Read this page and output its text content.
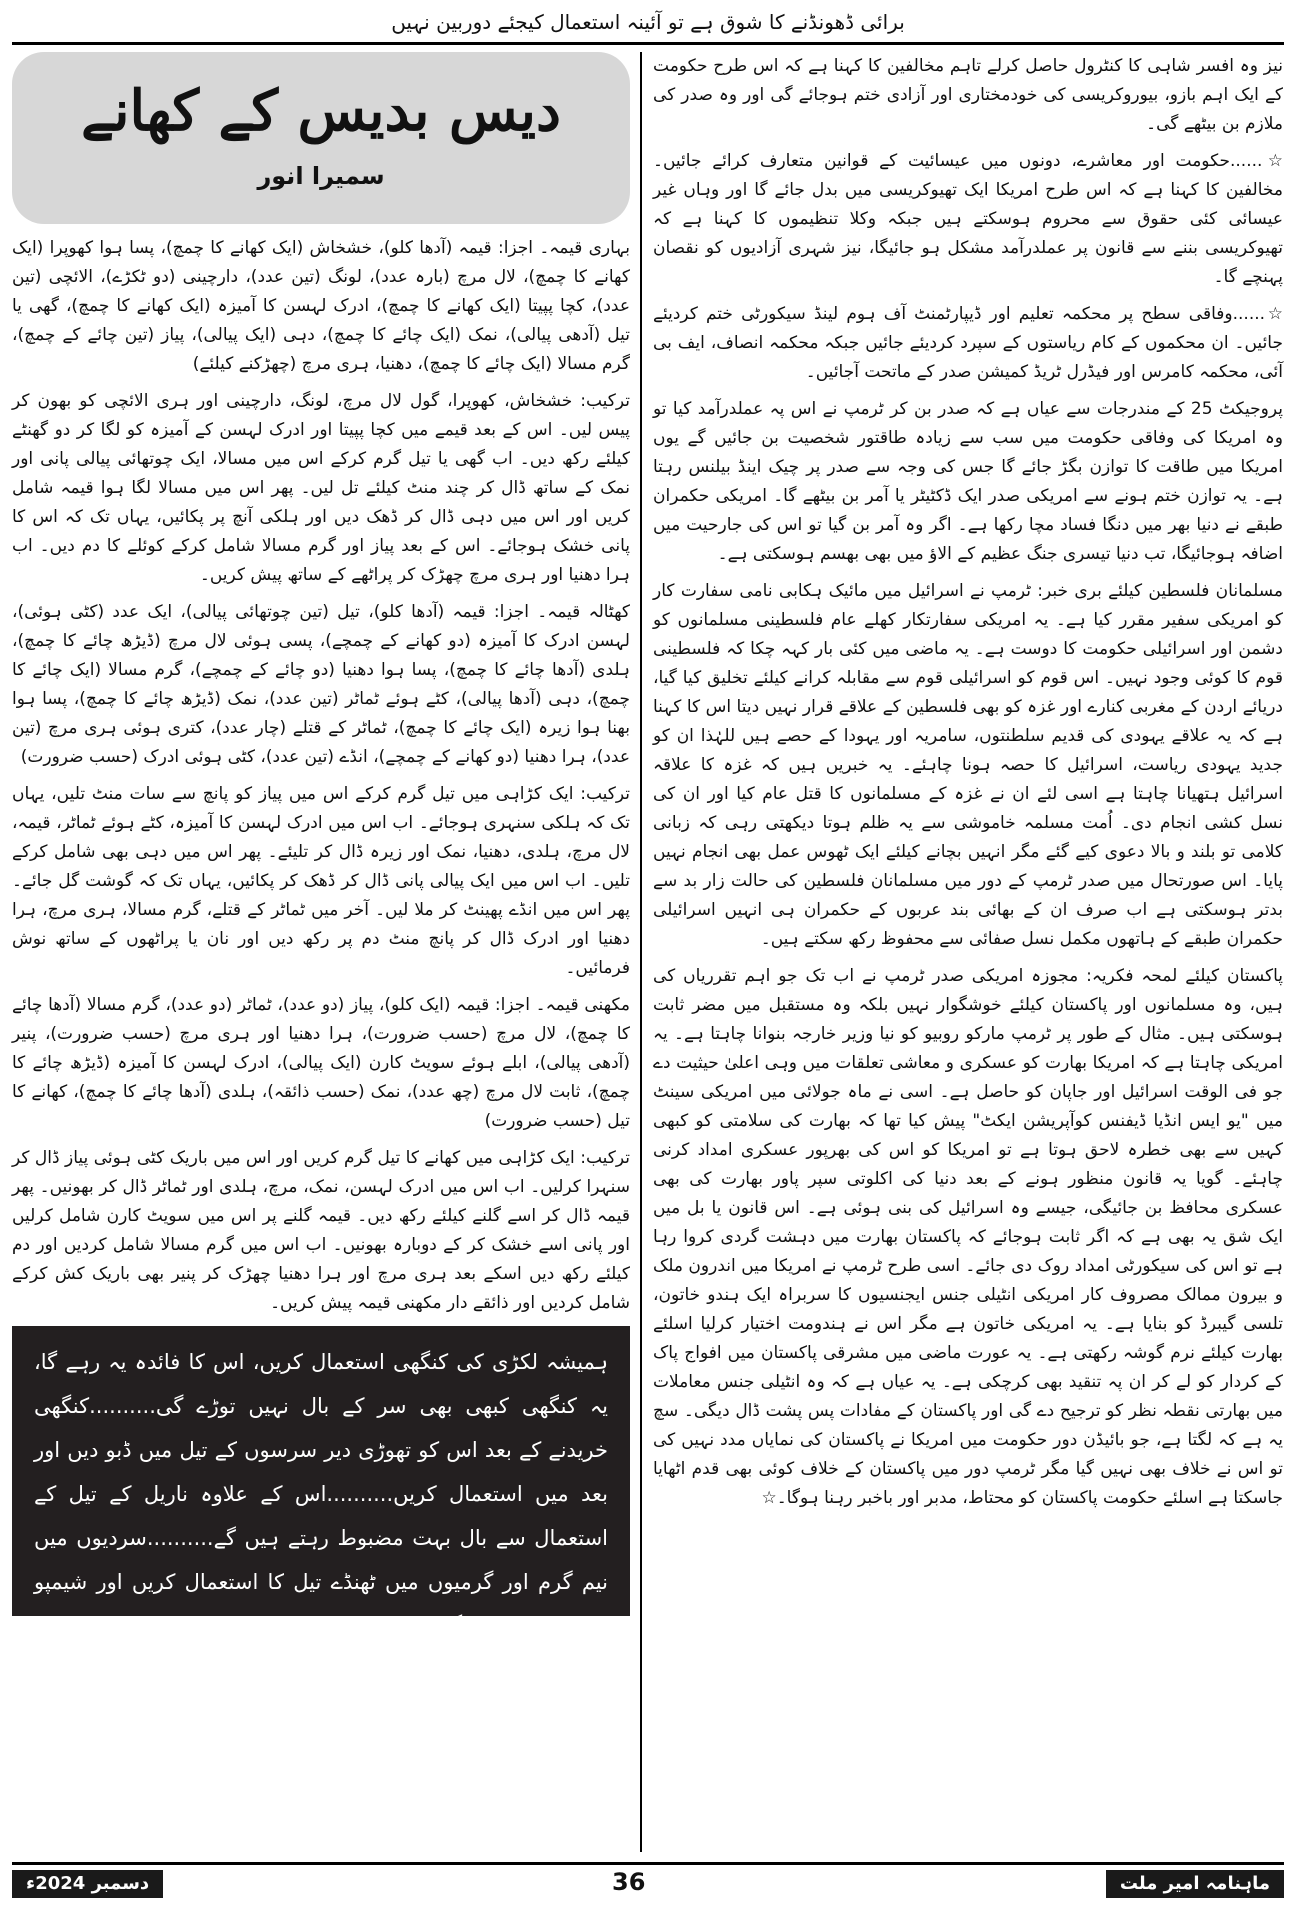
برائی ڈھونڈنے کا شوق ہے تو آئینہ استعمال کیجئے دوربین نہیں

نیز وہ افسر شاہی کا کنٹرول حاصل کرلے تاہم مخالفین کا کہنا ہے کہ اس طرح حکومت کے ایک اہم بازو، بیوروکریسی کی خودمختاری اور آزادی ختم ہوجائے گی اور وہ صدر کی ملازم بن بیٹھے گی۔

☆......حکومت اور معاشرے، دونوں میں عیسائیت کے قوانین متعارف کرائے جائیں۔ مخالفین کا کہنا ہے کہ اس طرح امریکا ایک تھیوکریسی میں بدل جائے گا اور وہاں غیر عیسائی کئی حقوق سے محروم ہوسکتے ہیں جبکہ وکلا تنظیموں کا کہنا ہے کہ تھیوکریسی بننے سے قانون پر عملدرآمد مشکل ہو جائیگا، نیز شہری آزادیوں کو نقصان پہنچے گا۔

☆......وفاقی سطح پر محکمہ تعلیم اور ڈیپارٹمنٹ آف ہوم لینڈ سیکورٹی ختم کردیئے جائیں۔ ان محکموں کے کام ریاستوں کے سپرد کردیئے جائیں جبکہ محکمہ انصاف، ایف بی آئی، محکمہ کامرس اور فیڈرل ٹریڈ کمیشن صدر کے ماتحت آجائیں۔

پروجیکٹ 25 کے مندرجات سے عیاں ہے کہ صدر بن کر ٹرمپ نے اس پہ عملدرآمد کیا تو وہ امریکا کی وفاقی حکومت میں سب سے زیادہ طاقتور شخصیت بن جائیں گے یوں امریکا میں طاقت کا توازن بگڑ جائے گا جس کی وجہ سے صدر پر چیک اینڈ بیلنس رہتا ہے۔ یہ توازن ختم ہونے سے امریکی صدر ایک ڈکٹیٹر یا آمر بن بیٹھے گا۔ امریکی حکمران طبقے نے دنیا بھر میں دنگا فساد مچا رکھا ہے۔ اگر وہ آمر بن گیا تو اس کی جارحیت میں اضافہ ہوجائیگا، تب دنیا تیسری جنگ عظیم کے الاؤ میں بھی بھسم ہوسکتی ہے۔

مسلمانان فلسطین کیلئے بری خبر: ٹرمپ نے اسرائیل میں مائیک ہکابی نامی سفارت کار کو امریکی سفیر مقرر کیا ہے۔ یہ امریکی سفارتکار کھلے عام فلسطینی مسلمانوں کو دشمن اور اسرائیلی حکومت کا دوست ہے۔ یہ ماضی میں کئی بار کہہ چکا کہ فلسطینی قوم کا کوئی وجود نہیں۔ اس قوم کو اسرائیلی قوم سے مقابلہ کرانے کیلئے تخلیق کیا گیا، دریائے اردن کے مغربی کنارے اور غزہ کو بھی فلسطین کے علاقے قرار نہیں دیتا اس کا کہنا ہے کہ یہ علاقے یہودی کی قدیم سلطنتوں، سامریہ اور یہودا کے حصے ہیں للہٰذا ان کو جدید یہودی ریاست، اسرائیل کا حصہ ہونا چاہئے۔ یہ خبریں ہیں کہ غزہ کا علاقہ اسرائیل ہتھیانا چاہتا ہے اسی لئے ان نے غزہ کے مسلمانوں کا قتل عام کیا اور ان کی نسل کشی انجام دی۔ اُمت مسلمہ خاموشی سے یہ ظلم ہوتا دیکھتی رہی کہ زبانی کلامی تو بلند و بالا دعوی کیے گئے مگر انہیں بچانے کیلئے ایک ٹھوس عمل بھی انجام نہیں پایا۔ اس صورتحال میں صدر ٹرمپ کے دور میں مسلمانان فلسطین کی حالت زار بد سے بدتر ہوسکتی ہے اب صرف ان کے بھائی بند عربوں کے حکمران ہی انہیں اسرائیلی حکمران طبقے کے ہاتھوں مکمل نسل صفائی سے محفوظ رکھ سکتے ہیں۔

پاکستان کیلئے لمحہ فکریہ: مجوزہ امریکی صدر ٹرمپ نے اب تک جو اہم تقرریاں کی ہیں، وہ مسلمانوں اور پاکستان کیلئے خوشگوار نہیں بلکہ وہ مستقبل میں مضر ثابت ہوسکتی ہیں۔ مثال کے طور پر ٹرمپ مارکو روبیو کو نیا وزیر خارجہ بنوانا چاہتا ہے۔ یہ امریکی چاہتا ہے کہ امریکا بھارت کو عسکری و معاشی تعلقات میں وہی اعلیٰ حیثیت دے جو فی الوقت اسرائیل اور جاپان کو حاصل ہے۔ اسی نے ماہ جولائی میں امریکی سینٹ میں "یو ایس انڈیا ڈیفنس کوآپریشن ایکٹ" پیش کیا تھا کہ بھارت کی سلامتی کو کبھی کہیں سے بھی خطرہ لاحق ہوتا ہے تو امریکا کو اس کی بھرپور عسکری امداد کرنی چاہئے۔ گویا یہ قانون منظور ہونے کے بعد دنیا کی اکلوتی سپر پاور بھارت کی بھی عسکری محافظ بن جائیگی، جیسے وہ اسرائیل کی بنی ہوئی ہے۔ اس قانون یا بل میں ایک شق یہ بھی ہے کہ اگر ثابت ہوجائے کہ پاکستان بھارت میں دہشت گردی کروا رہا ہے تو اس کی سیکورٹی امداد روک دی جائے۔ اسی طرح ٹرمپ نے امریکا میں اندرون ملک و بیرون ممالک مصروف کار امریکی انٹیلی جنس ایجنسیوں کا سربراہ ایک ہندو خاتون، تلسی گیبرڈ کو بنایا ہے۔ یہ امریکی خاتون ہے مگر اس نے ہندومت اختیار کرلیا اسلئے بھارت کیلئے نرم گوشہ رکھتی ہے۔ یہ عورت ماضی میں مشرقی پاکستان میں افواج پاک کے کردار کو لے کر ان پہ تنقید بھی کرچکی ہے۔ یہ عیاں ہے کہ وہ انٹیلی جنس معاملات میں بھارتی نقطہ نظر کو ترجیح دے گی اور پاکستان کے مفادات پس پشت ڈال دیگی۔ سچ یہ ہے کہ لگتا ہے، جو بائیڈن دور حکومت میں امریکا نے پاکستان کی نمایاں مدد نہیں کی تو اس نے خلاف بھی نہیں گیا مگر ٹرمپ دور میں پاکستان کے خلاف کوئی بھی قدم اٹھایا جاسکتا ہے اسلئے حکومت پاکستان کو محتاط، مدبر اور باخبر رہنا ہوگا۔☆

دیس بدیس کے کھانے
سمیرا انور

بہاری قیمہ۔ اجزا: قیمہ (آدھا کلو)، خشخاش (ایک کھانے کا چمچ)، پسا ہوا کھوپرا (ایک کھانے کا چمچ)، لال مرچ (بارہ عدد)، لونگ (تین عدد)، دارچینی (دو ٹکڑے)، الائچی (تین عدد)، کچا پپیتا (ایک کھانے کا چمچ)، ادرک لہسن کا آمیزہ (ایک کھانے کا چمچ)، گھی یا تیل (آدھی پیالی)، نمک (ایک چائے کا چمچ)، دہی (ایک پیالی)، پیاز (تین چائے کے چمچ)، گرم مسالا (ایک چائے کا چمچ)، دھنیا، ہری مرچ (چھڑکنے کیلئے)

ترکیب: خشخاش، کھوپرا، گول لال مرچ، لونگ، دارچینی اور ہری الائچی کو بھون کر پیس لیں۔ اس کے بعد قیمے میں کچا پپیتا اور ادرک لہسن کے آمیزہ کو لگا کر دو گھنٹے کیلئے رکھ دیں۔ اب گھی یا تیل گرم کرکے اس میں مسالا، ایک چوتھائی پیالی پانی اور نمک کے ساتھ ڈال کر چند منٹ کیلئے تل لیں۔ پھر اس میں مسالا لگا ہوا قیمہ شامل کریں اور اس میں دہی ڈال کر ڈھک دیں اور ہلکی آنچ پر پکائیں، یہاں تک کہ اس کا پانی خشک ہوجائے۔ اس کے بعد پیاز اور گرم مسالا شامل کرکے کوئلے کا دم دیں۔ اب ہرا دھنیا اور ہری مرچ چھڑک کر پراٹھے کے ساتھ پیش کریں۔

کھٹالہ قیمہ۔ اجزا: قیمہ (آدھا کلو)، تیل (تین چوتھائی پیالی)، ایک عدد (کٹی ہوئی)، لہسن ادرک کا آمیزہ (دو کھانے کے چمچے)، پسی ہوئی لال مرچ (ڈیڑھ چائے کا چمچ)، ہلدی (آدھا چائے کا چمچ)، پسا ہوا دھنیا (دو چائے کے چمچے)، گرم مسالا (ایک چائے کا چمچ)، دہی (آدھا پیالی)، کٹے ہوئے ٹماٹر (تین عدد)، نمک (ڈیڑھ چائے کا چمچ)، پسا ہوا بھنا ہوا زیرہ (ایک چائے کا چمچ)، ٹماٹر کے قتلے (چار عدد)، کتری ہوئی ہری مرچ (تین عدد)، ہرا دھنیا (دو کھانے کے چمچے)، انڈے (تین عدد)، کٹی ہوئی ادرک (حسب ضرورت)

ترکیب: ایک کڑاہی میں تیل گرم کرکے اس میں پیاز کو پانچ سے سات منٹ تلیں، یہاں تک کہ ہلکی سنہری ہوجائے۔ اب اس میں ادرک لہسن کا آمیزہ، کٹے ہوئے ٹماٹر، قیمہ، لال مرچ، ہلدی، دھنیا، نمک اور زیرہ ڈال کر تلیئے۔ پھر اس میں دہی بھی شامل کرکے تلیں۔ اب اس میں ایک پیالی پانی ڈال کر ڈھک کر پکائیں، یہاں تک کہ گوشت گل جائے۔ پھر اس میں انڈے پھینٹ کر ملا لیں۔ آخر میں ٹماٹر کے قتلے، گرم مسالا، ہری مرچ، ہرا دھنیا اور ادرک ڈال کر پانچ منٹ دم پر رکھ دیں اور نان یا پراٹھوں کے ساتھ نوش فرمائیں۔

مکھنی قیمہ۔ اجزا: قیمہ (ایک کلو)، پیاز (دو عدد)، ٹماٹر (دو عدد)، گرم مسالا (آدھا چائے کا چمچ)، لال مرچ (حسب ضرورت)، ہرا دھنیا اور ہری مرچ (حسب ضرورت)، پنیر (آدھی پیالی)، ابلے ہوئے سویٹ کارن (ایک پیالی)، ادرک لہسن کا آمیزہ (ڈیڑھ چائے کا چمچ)، ثابت لال مرچ (چھ عدد)، نمک (حسب ذائقہ)، ہلدی (آدھا چائے کا چمچ)، کھانے کا تیل (حسب ضرورت)

ترکیب: ایک کڑاہی میں کھانے کا تیل گرم کریں اور اس میں باریک کٹی ہوئی پیاز ڈال کر سنہرا کرلیں۔ اب اس میں ادرک لہسن، نمک، مرچ، ہلدی اور ٹماٹر ڈال کر بھونیں۔ پھر قیمہ ڈال کر اسے گلنے کیلئے رکھ دیں۔ قیمہ گلنے پر اس میں سویٹ کارن شامل کرلیں اور پانی اسے خشک کر کے دوبارہ بھونیں۔ اب اس میں گرم مسالا شامل کردیں اور دم کیلئے رکھ دیں اسکے بعد ہری مرچ اور ہرا دھنیا چھڑک کر پنیر بھی باریک کش کرکے شامل کردیں اور ذائقے دار مکھنی قیمہ پیش کریں۔

ہمیشہ لکڑی کی کنگھی استعمال کریں، اس کا فائدہ یہ رہے گا، یہ کنگھی کبھی بھی سر کے بال نہیں توڑے گی..........کنگھی خریدنے کے بعد اس کو تھوڑی دیر سرسوں کے تیل میں ڈبو دیں اور بعد میں استعمال کریں..........اس کے علاوہ ناریل کے تیل کے استعمال سے بال بہت مضبوط رہتے ہیں گے..........سردیوں میں نیم گرم اور گرمیوں میں ٹھنڈے تیل کا استعمال کریں اور شیمپو کے استعمال سے گریز کریں۔

ماہنامہ امیر ملت
36
دسمبر 2024ء
